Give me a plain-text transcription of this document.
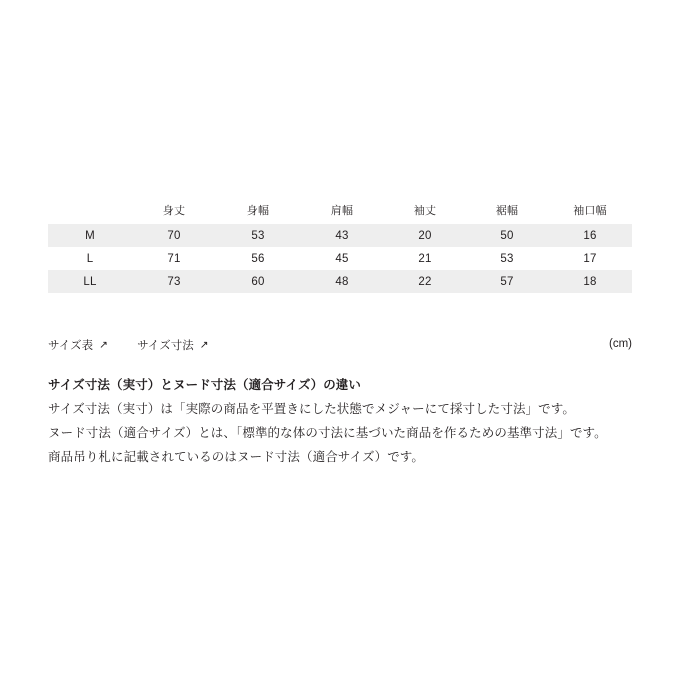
	身丈	身幅	肩幅	袖丈	裾幅	袖口幅
M	70	53	43	20	50	16
L	71	56	45	21	53	17
LL	73	60	48	22	57	18
サイズ表 ↗	サイズ寸法 ↗	(cm)
サイズ寸法（実寸）とヌード寸法（適合サイズ）の違い

サイズ寸法（実寸）は「実際の商品を平置きにした状態でメジャーにて採寸した寸法」です。

ヌード寸法（適合サイズ）とは、「標準的な体の寸法に基づいた商品を作るための基準寸法」です。

商品吊り札に記載されているのはヌード寸法（適合サイズ）です。
